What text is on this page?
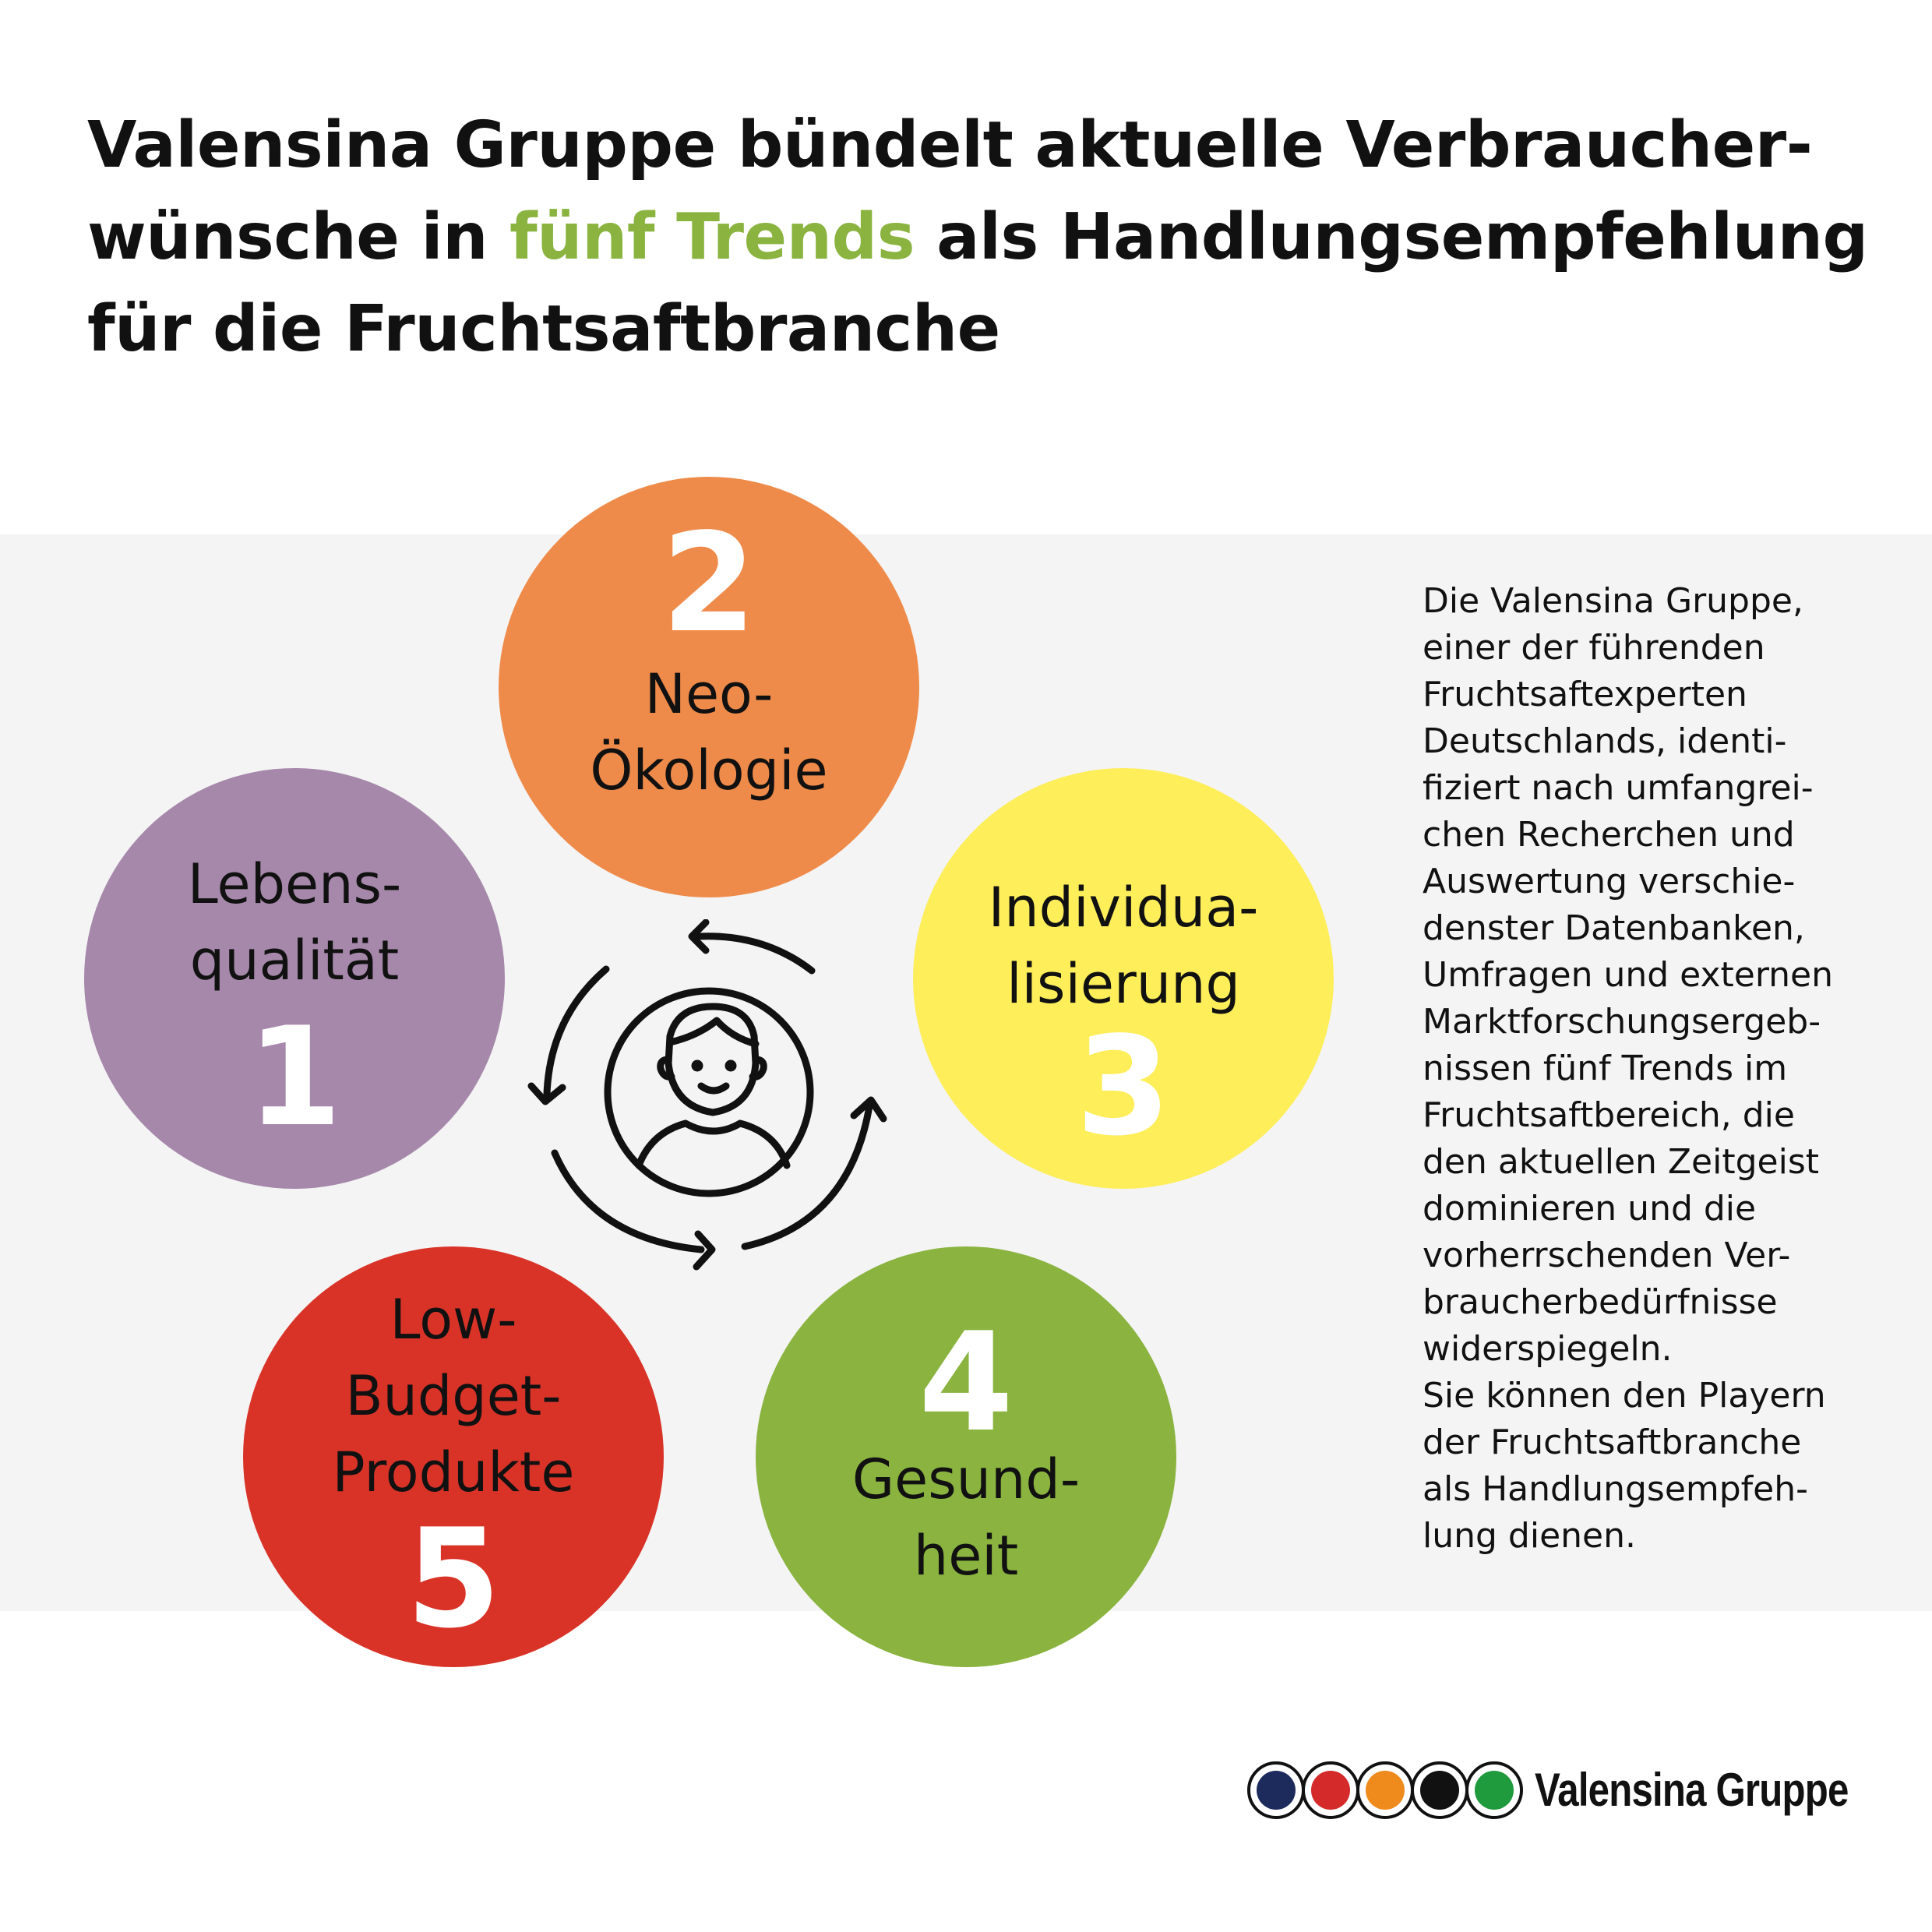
Valensina Gruppe bündelt aktuelle Verbraucher-
wünsche in fünf Trends als Handlungsempfehlung
für die Fruchtsaftbranche
Lebens-
qualität
1
2
Neo-
Ökologie
Individua-
lisierung
3
4
Gesund-
heit
Low-
Budget-
Produkte
5

Die Valensina Gruppe,
einer der führenden
Fruchtsaftexperten
Deutschlands, identi-
fiziert nach umfangrei-
chen Recherchen und
Auswertung verschie-
denster Datenbanken,
Umfragen und externen
Marktforschungsergeb-
nissen fünf Trends im
Fruchtsaftbereich, die
den aktuellen Zeitgeist
dominieren und die
vorherrschenden Ver-
braucherbedürfnisse
widerspiegeln.

Sie können den Playern
der Fruchtsaftbranche
als Handlungsempfeh-
lung dienen.

Valensina Gruppe
